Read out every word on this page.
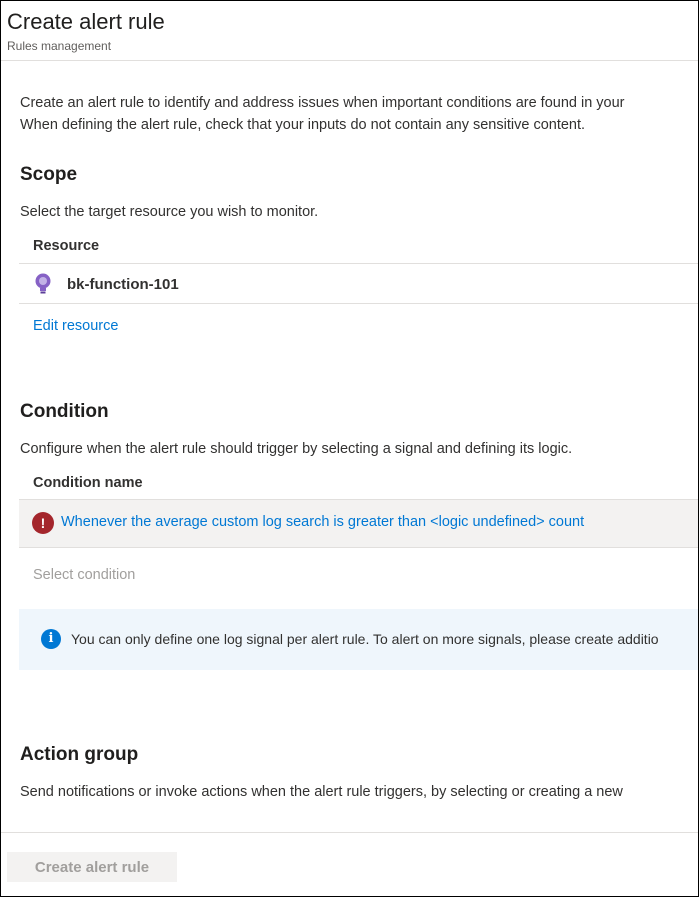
Create alert rule
Rules management
Create an alert rule to identify and address issues when important conditions are found in your
When defining the alert rule, check that your inputs do not contain any sensitive content.
Scope
Select the target resource you wish to monitor.
Resource
bk-function-101
Edit resource
Condition
Configure when the alert rule should trigger by selecting a signal and defining its logic.
Condition name
!	Whenever the average custom log search is greater than <logic undefined> count
Select condition
i	You can only define one log signal per alert rule. To alert on more signals, please create additio
Action group
Send notifications or invoke actions when the alert rule triggers, by selecting or creating a new
Create alert rule
